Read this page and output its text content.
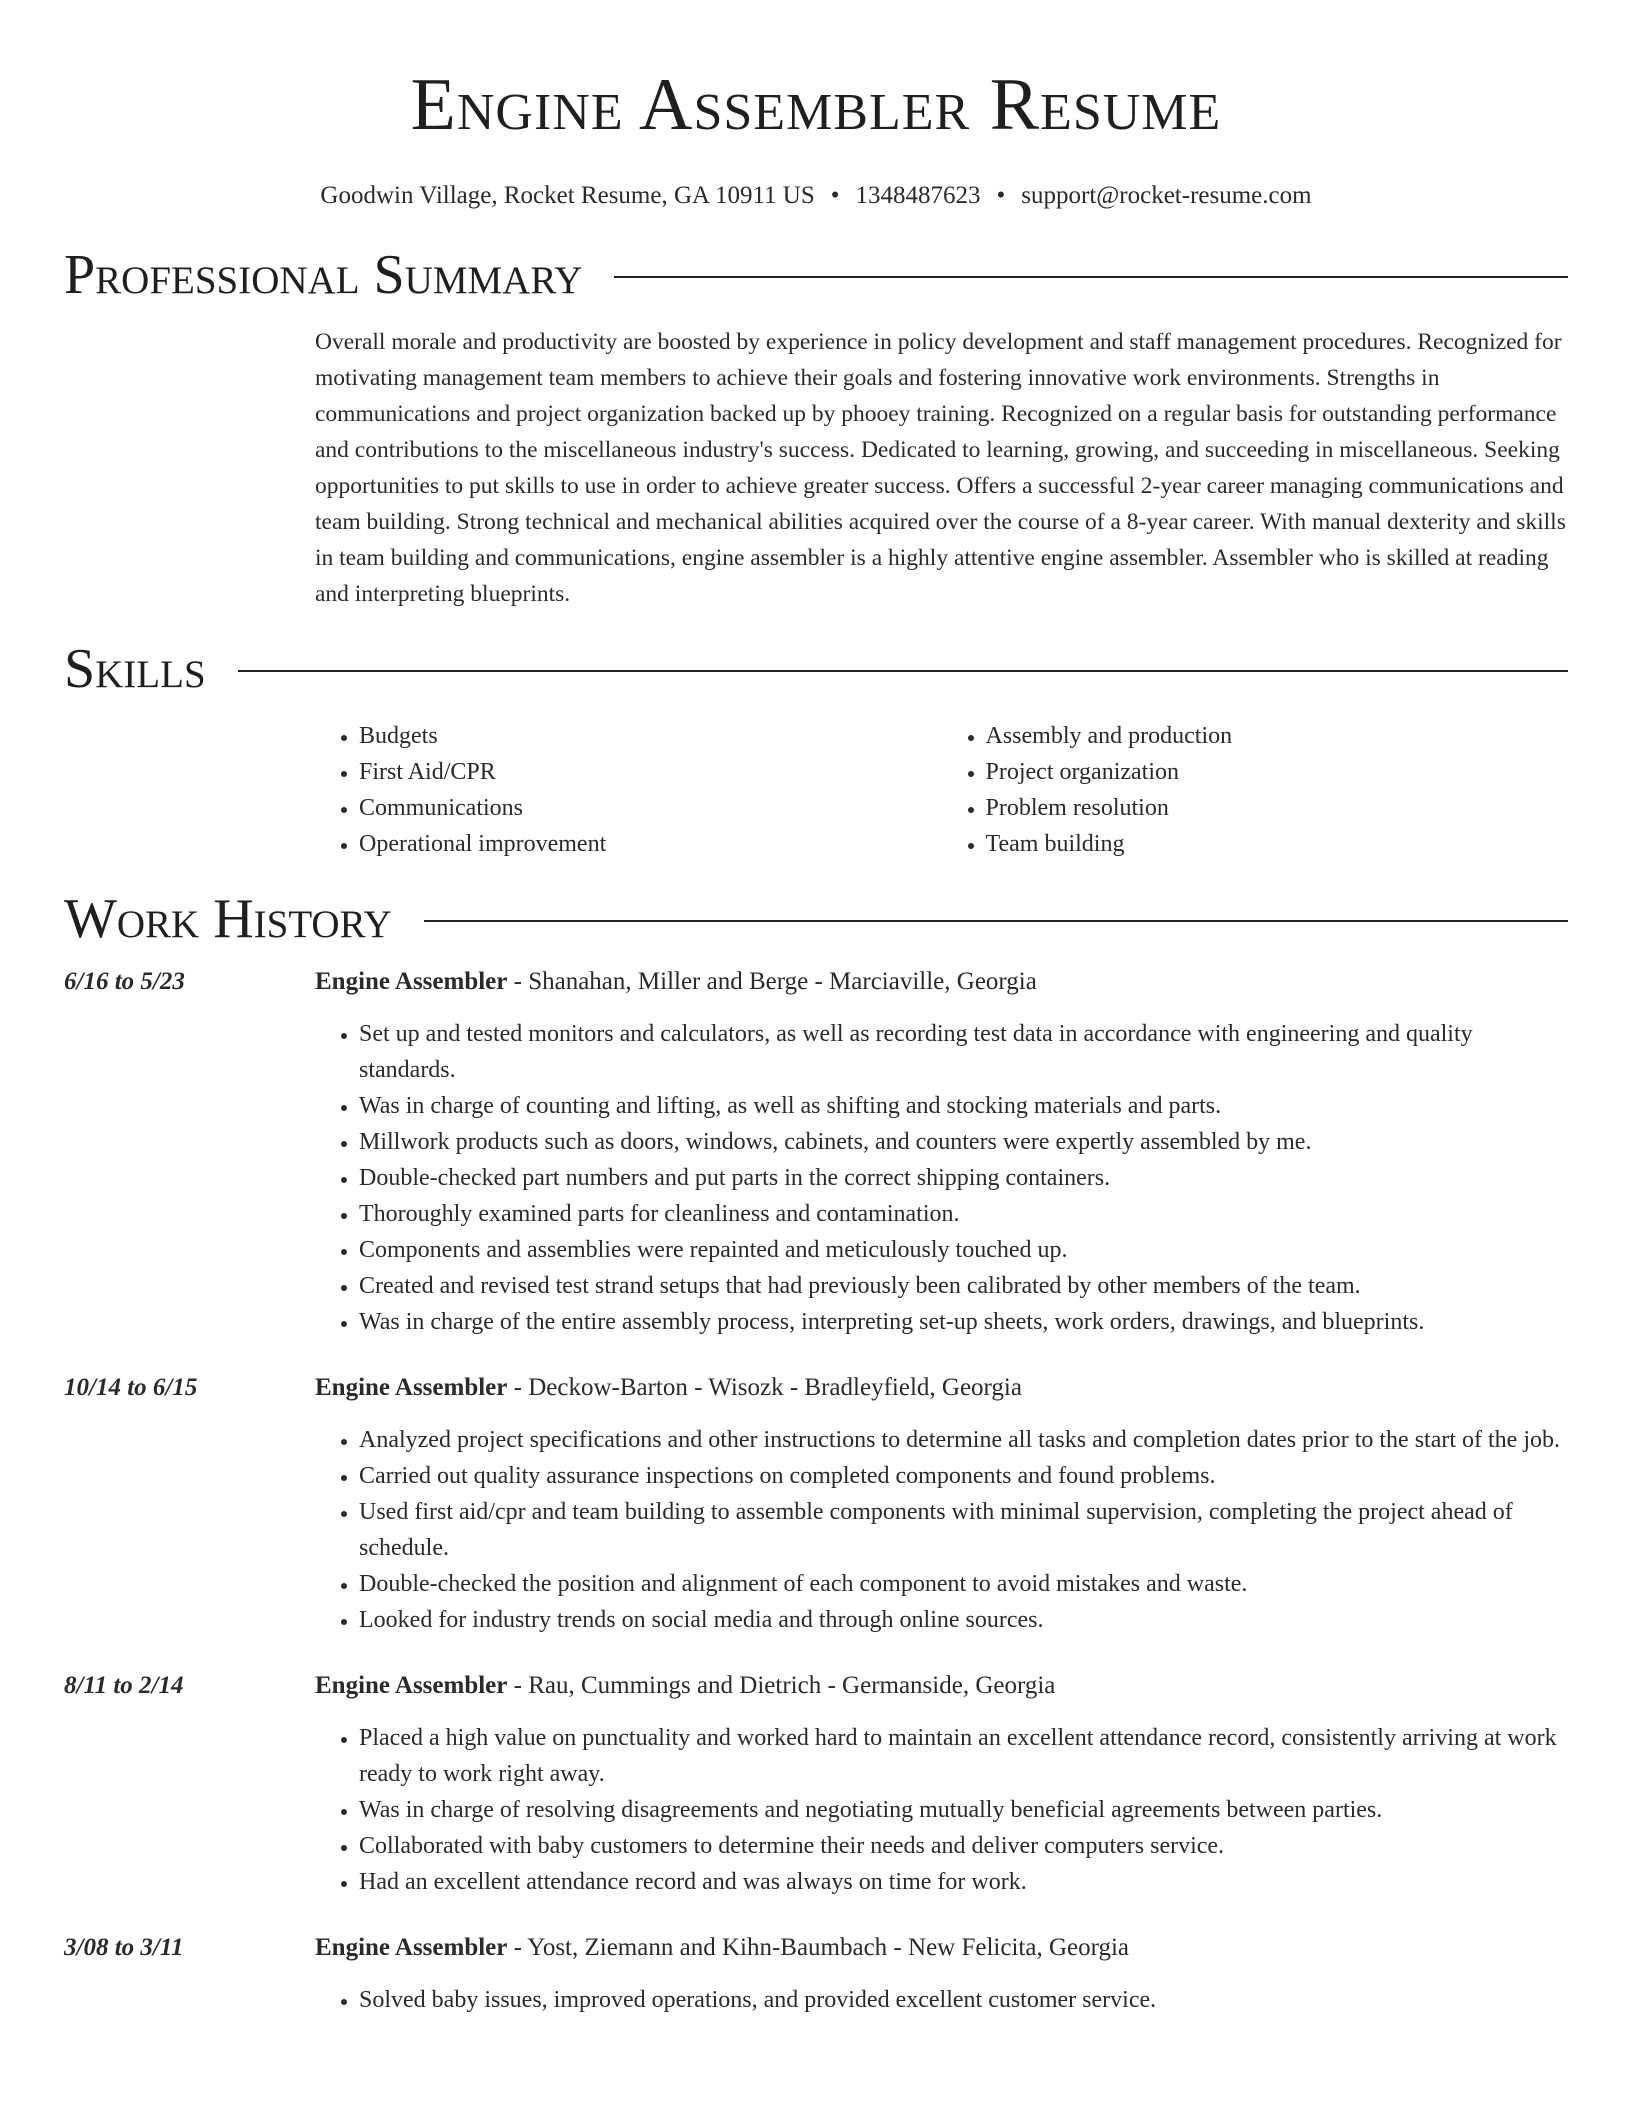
Engine Assembler Resume
Goodwin Village, Rocket Resume, GA 10911 US • 1348487623 • support@rocket-resume.com
Professional Summary

Overall morale and productivity are boosted by experience in policy development and staff management procedures. Recognized for motivating management team members to achieve their goals and fostering innovative work environments. Strengths in communications and project organization backed up by phooey training. Recognized on a regular basis for outstanding performance and contributions to the miscellaneous industry's success. Dedicated to learning, growing, and succeeding in miscellaneous. Seeking opportunities to put skills to use in order to achieve greater success. Offers a successful 2-year career managing communications and team building. Strong technical and mechanical abilities acquired over the course of a 8-year career. With manual dexterity and skills in team building and communications, engine assembler is a highly attentive engine assembler. Assembler who is skilled at reading and interpreting blueprints.

Skills
• Budgets
• First Aid/CPR
• Communications
• Operational improvement
• Assembly and production
• Project organization
• Problem resolution
• Team building
Work History
6/16 to 5/23	Engine Assembler - Shanahan, Miller and Berge - Marciaville, Georgia
• Set up and tested monitors and calculators, as well as recording test data in accordance with engineering and quality standards.
• Was in charge of counting and lifting, as well as shifting and stocking materials and parts.
• Millwork products such as doors, windows, cabinets, and counters were expertly assembled by me.
• Double-checked part numbers and put parts in the correct shipping containers.
• Thoroughly examined parts for cleanliness and contamination.
• Components and assemblies were repainted and meticulously touched up.
• Created and revised test strand setups that had previously been calibrated by other members of the team.
• Was in charge of the entire assembly process, interpreting set-up sheets, work orders, drawings, and blueprints.
10/14 to 6/15	Engine Assembler - Deckow-Barton - Wisozk - Bradleyfield, Georgia
• Analyzed project specifications and other instructions to determine all tasks and completion dates prior to the start of the job.
• Carried out quality assurance inspections on completed components and found problems.
• Used first aid/cpr and team building to assemble components with minimal supervision, completing the project ahead of schedule.
• Double-checked the position and alignment of each component to avoid mistakes and waste.
• Looked for industry trends on social media and through online sources.
8/11 to 2/14	Engine Assembler - Rau, Cummings and Dietrich - Germanside, Georgia
• Placed a high value on punctuality and worked hard to maintain an excellent attendance record, consistently arriving at work ready to work right away.
• Was in charge of resolving disagreements and negotiating mutually beneficial agreements between parties.
• Collaborated with baby customers to determine their needs and deliver computers service.
• Had an excellent attendance record and was always on time for work.
3/08 to 3/11	Engine Assembler - Yost, Ziemann and Kihn-Baumbach - New Felicita, Georgia
• Solved baby issues, improved operations, and provided excellent customer service.
